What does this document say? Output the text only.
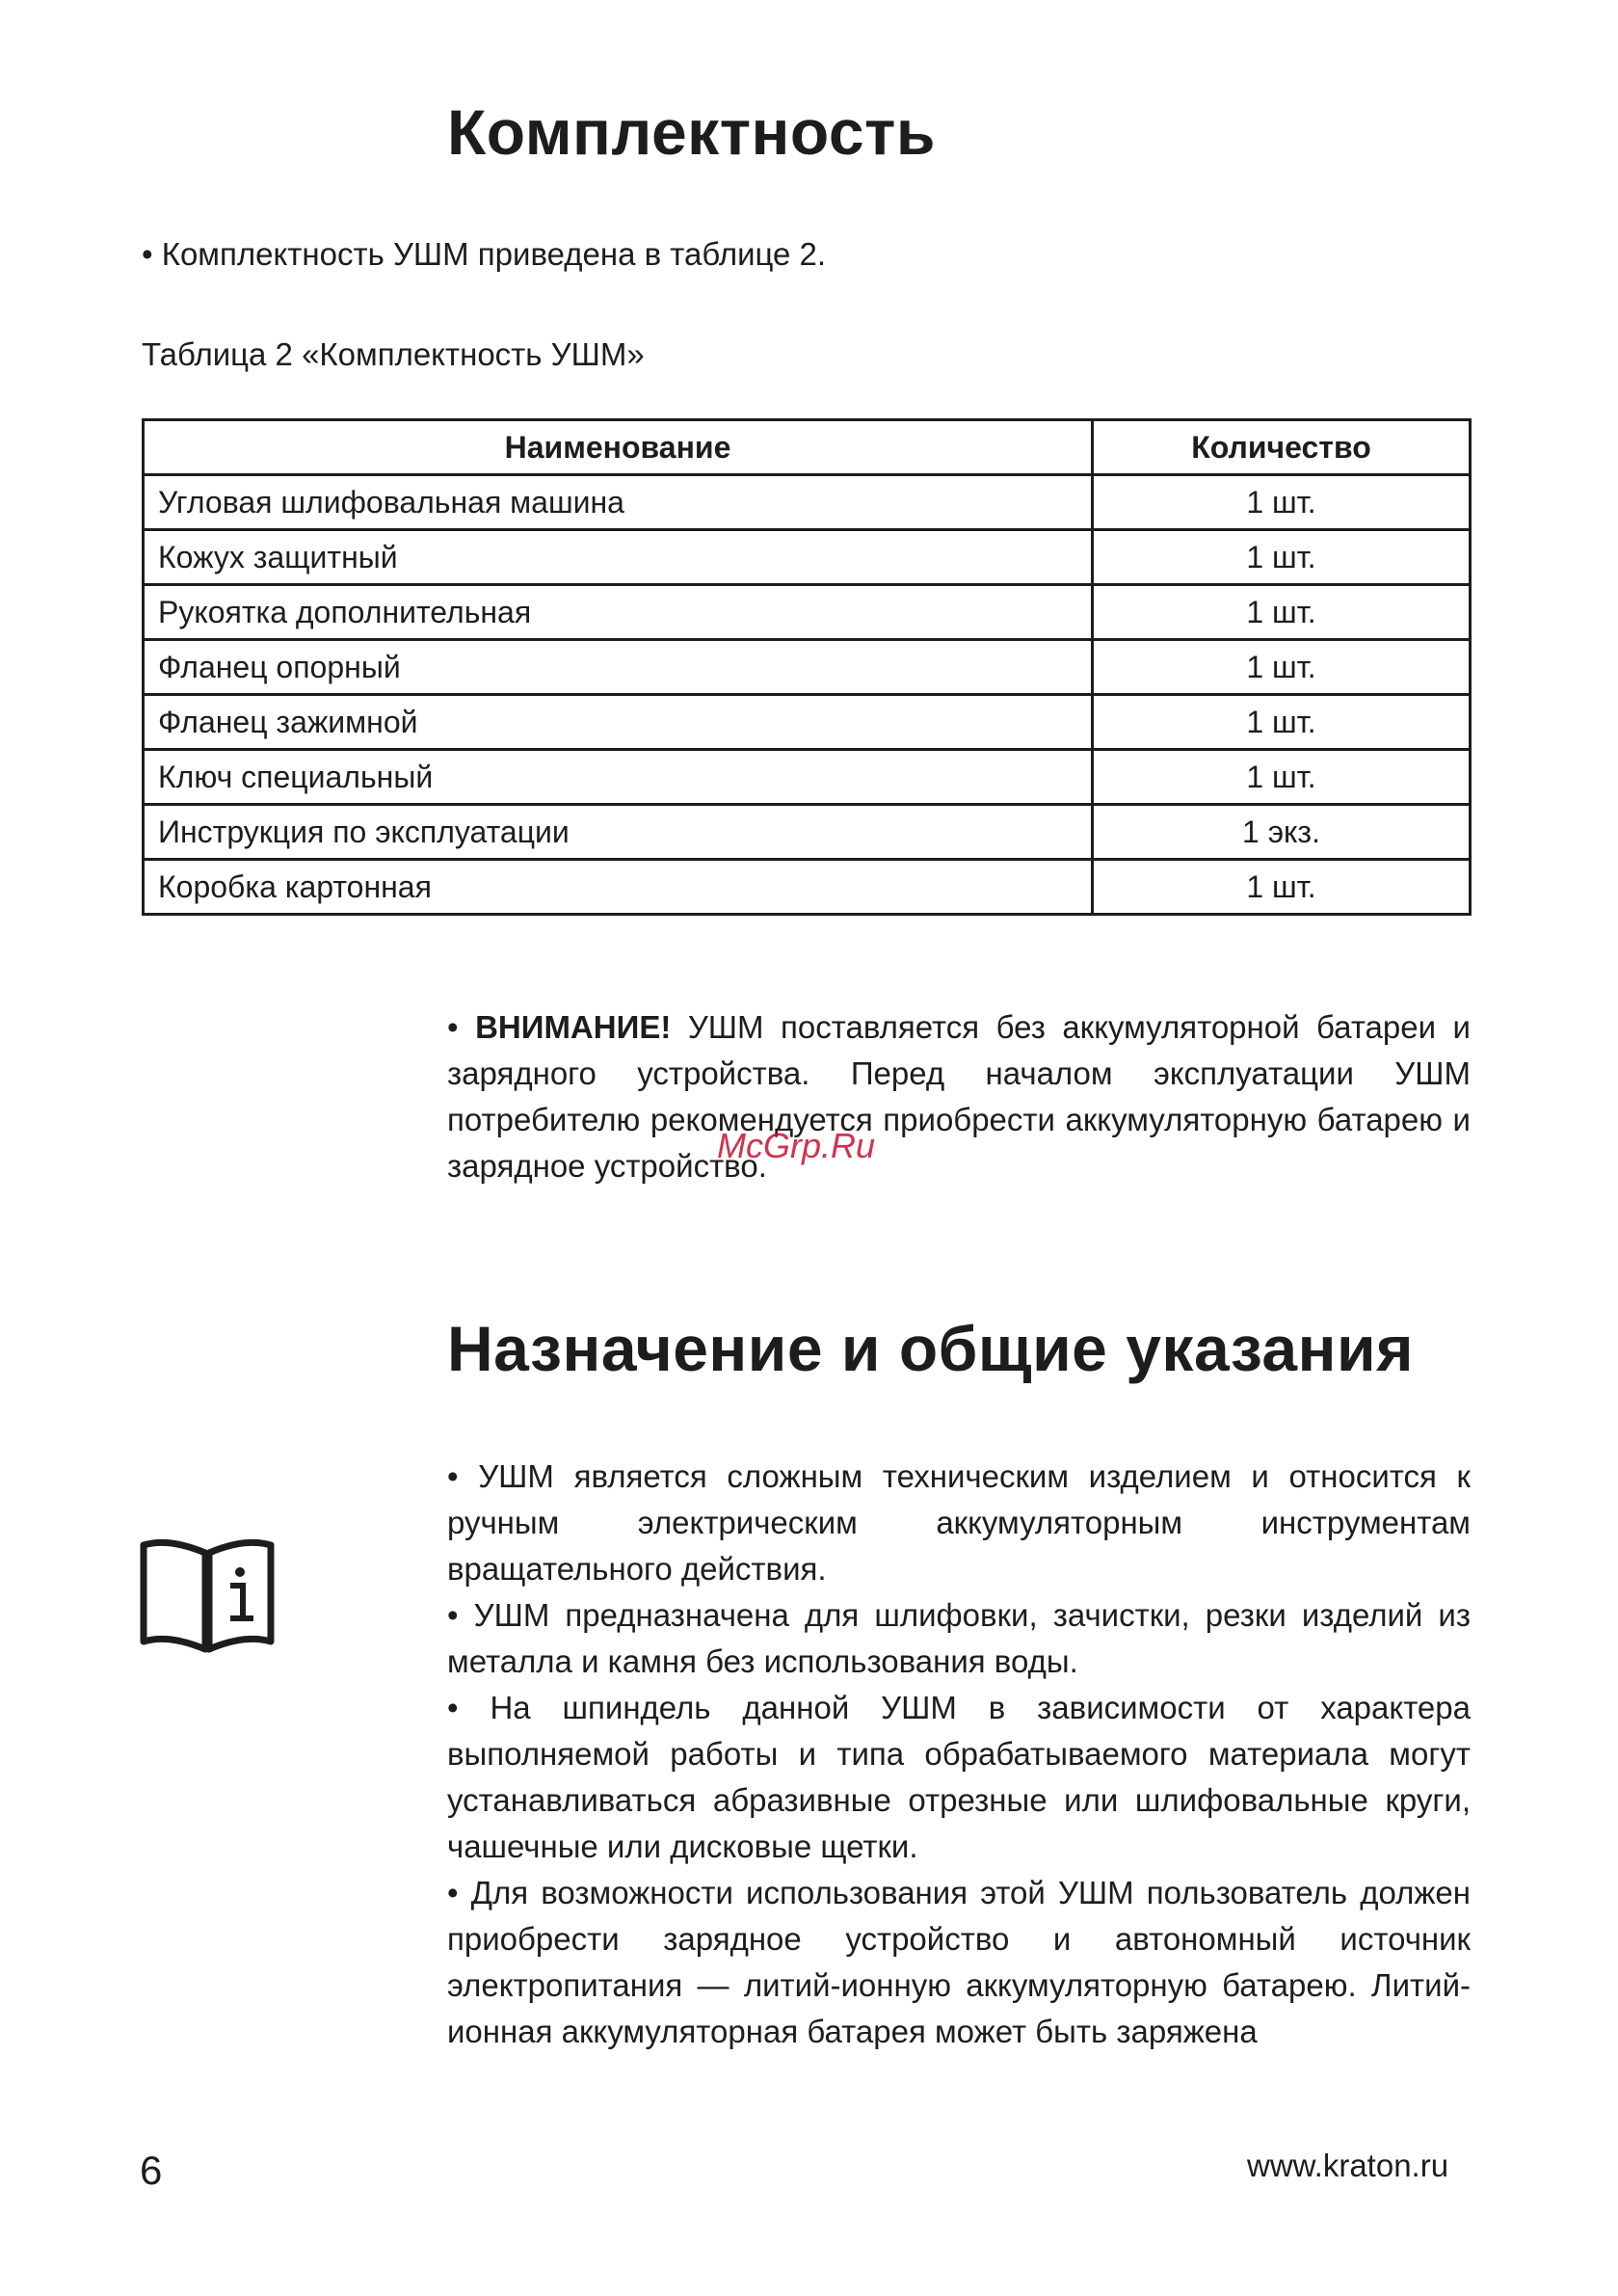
Комплектность
• Комплектность УШМ приведена в таблице 2.
Таблица 2 «Комплектность УШМ»
Наименование	Количество
Угловая шлифовальная машина	1 шт.
Кожух защитный	1 шт.
Рукоятка дополнительная	1 шт.
Фланец опорный	1 шт.
Фланец зажимной	1 шт.
Ключ специальный	1 шт.
Инструкция по эксплуатации	1 экз.
Коробка картонная	1 шт.
• ВНИМАНИЕ! УШМ поставляется без аккумуляторной батареи и зарядного устройства. Перед началом эксплуатации УШМ потребителю рекомендуется приобрести аккумуляторную батарею и зарядное устройство.
McGrp.Ru
Назначение и общие указания
• УШМ является сложным техническим изделием и относится к ручным электрическим аккумуляторным инструментам вращательного действия.
• УШМ предназначена для шлифовки, зачистки, резки изделий из металла и камня без использования воды.
• На шпиндель данной УШМ в зависимости от характера выполняемой работы и типа обрабатываемого материала могут устанавливаться абразивные отрезные или шлифовальные круги, чашечные или дисковые щетки.
• Для возможности использования этой УШМ пользователь должен приобрести зарядное устройство и автономный источник электропитания — литий-ионную аккумуляторную батарею. Литий-ионная аккумуляторная батарея может быть заряжена
6	www.kraton.ru
